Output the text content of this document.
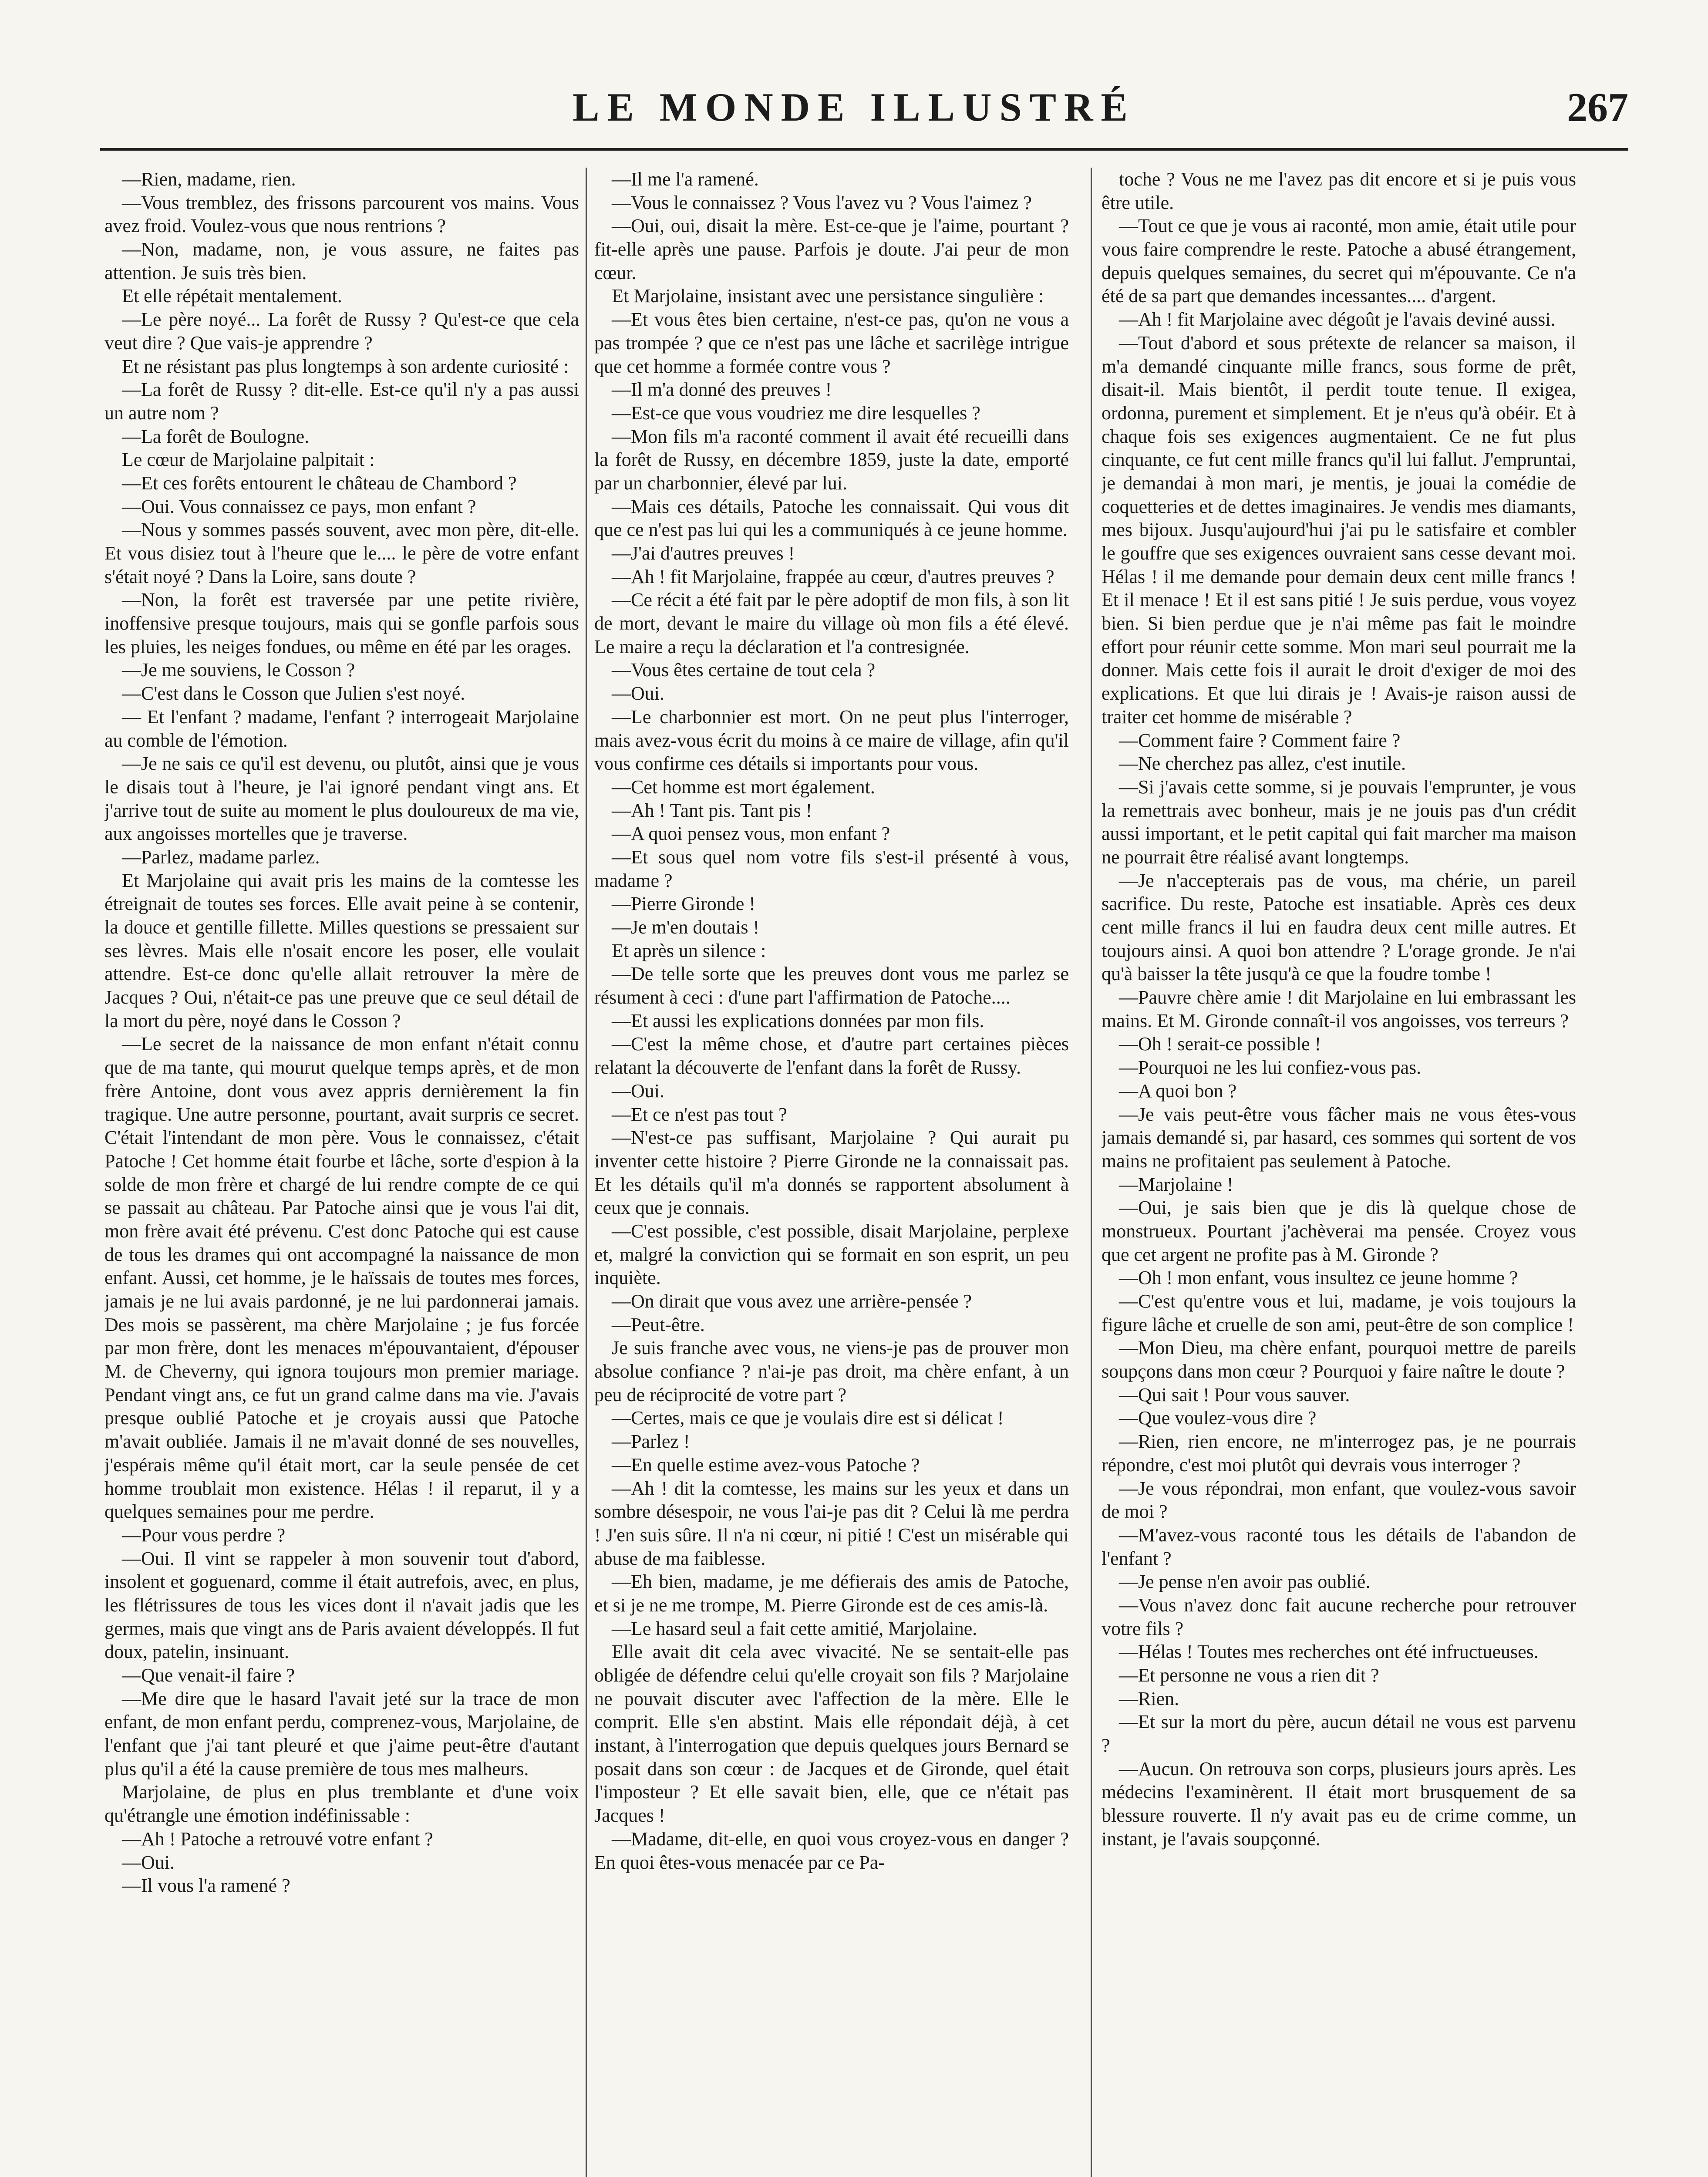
LE MONDE ILLUSTRÉ	267

—Rien, madame, rien.

—Vous tremblez, des frissons parcourent vos mains. Vous avez froid. Voulez-vous que nous rentrions ?

—Non, madame, non, je vous assure, ne faites pas attention. Je suis très bien.

Et elle répétait mentalement.

—Le père noyé... La forêt de Russy ? Qu'est-ce que cela veut dire ? Que vais-je apprendre ?

Et ne résistant pas plus longtemps à son ardente curiosité :

—La forêt de Russy ? dit-elle. Est-ce qu'il n'y a pas aussi un autre nom ?

—La forêt de Boulogne.

Le cœur de Marjolaine palpitait :

—Et ces forêts entourent le château de Chambord ?

—Oui. Vous connaissez ce pays, mon enfant ?

—Nous y sommes passés souvent, avec mon père, dit-elle. Et vous disiez tout à l'heure que le.... le père de votre enfant s'était noyé ? Dans la Loire, sans doute ?

—Non, la forêt est traversée par une petite rivière, inoffensive presque toujours, mais qui se gonfle parfois sous les pluies, les neiges fondues, ou même en été par les orages.

—Je me souviens, le Cosson ?

—C'est dans le Cosson que Julien s'est noyé.

— Et l'enfant ? madame, l'enfant ? interrogeait Marjolaine au comble de l'émotion.

—Je ne sais ce qu'il est devenu, ou plutôt, ainsi que je vous le disais tout à l'heure, je l'ai ignoré pendant vingt ans. Et j'arrive tout de suite au moment le plus douloureux de ma vie, aux angoisses mortelles que je traverse.

—Parlez, madame parlez.

Et Marjolaine qui avait pris les mains de la comtesse les étreignait de toutes ses forces. Elle avait peine à se contenir, la douce et gentille fillette. Milles questions se pressaient sur ses lèvres. Mais elle n'osait encore les poser, elle voulait attendre. Est-ce donc qu'elle allait retrouver la mère de Jacques ? Oui, n'était-ce pas une preuve que ce seul détail de la mort du père, noyé dans le Cosson ?

—Le secret de la naissance de mon enfant n'était connu que de ma tante, qui mourut quelque temps après, et de mon frère Antoine, dont vous avez appris dernièrement la fin tragique. Une autre personne, pourtant, avait surpris ce secret. C'était l'intendant de mon père. Vous le connaissez, c'était Patoche ! Cet homme était fourbe et lâche, sorte d'espion à la solde de mon frère et chargé de lui rendre compte de ce qui se passait au château. Par Patoche ainsi que je vous l'ai dit, mon frère avait été prévenu. C'est donc Patoche qui est cause de tous les drames qui ont accompagné la naissance de mon enfant. Aussi, cet homme, je le haïssais de toutes mes forces, jamais je ne lui avais pardonné, je ne lui pardonnerai jamais. Des mois se passèrent, ma chère Marjolaine ; je fus forcée par mon frère, dont les menaces m'épouvantaient, d'épouser M. de Cheverny, qui ignora toujours mon premier mariage. Pendant vingt ans, ce fut un grand calme dans ma vie. J'avais presque oublié Patoche et je croyais aussi que Patoche m'avait oubliée. Jamais il ne m'avait donné de ses nouvelles, j'espérais même qu'il était mort, car la seule pensée de cet homme troublait mon existence. Hélas ! il reparut, il y a quelques semaines pour me perdre.

—Pour vous perdre ?

—Oui. Il vint se rappeler à mon souvenir tout d'abord, insolent et goguenard, comme il était autrefois, avec, en plus, les flétrissures de tous les vices dont il n'avait jadis que les germes, mais que vingt ans de Paris avaient développés. Il fut doux, patelin, insinuant.

—Que venait-il faire ?

—Me dire que le hasard l'avait jeté sur la trace de mon enfant, de mon enfant perdu, comprenez-vous, Marjolaine, de l'enfant que j'ai tant pleuré et que j'aime peut-être d'autant plus qu'il a été la cause première de tous mes malheurs.

Marjolaine, de plus en plus tremblante et d'une voix qu'étrangle une émotion indéfinissable :

—Ah ! Patoche a retrouvé votre enfant ?

—Oui.

—Il vous l'a ramené ?

—Il me l'a ramené.

—Vous le connaissez ? Vous l'avez vu ? Vous l'aimez ?

—Oui, oui, disait la mère. Est-ce-que je l'aime, pourtant ? fit-elle après une pause. Parfois je doute. J'ai peur de mon cœur.

Et Marjolaine, insistant avec une persistance singulière :

—Et vous êtes bien certaine, n'est-ce pas, qu'on ne vous a pas trompée ? que ce n'est pas une lâche et sacrilège intrigue que cet homme a formée contre vous ?

—Il m'a donné des preuves !

—Est-ce que vous voudriez me dire lesquelles ?

—Mon fils m'a raconté comment il avait été recueilli dans la forêt de Russy, en décembre 1859, juste la date, emporté par un charbonnier, élevé par lui.

—Mais ces détails, Patoche les connaissait. Qui vous dit que ce n'est pas lui qui les a communiqués à ce jeune homme.

—J'ai d'autres preuves !

—Ah ! fit Marjolaine, frappée au cœur, d'autres preuves ?

—Ce récit a été fait par le père adoptif de mon fils, à son lit de mort, devant le maire du village où mon fils a été élevé. Le maire a reçu la déclaration et l'a contresignée.

—Vous êtes certaine de tout cela ?

—Oui.

—Le charbonnier est mort. On ne peut plus l'interroger, mais avez-vous écrit du moins à ce maire de village, afin qu'il vous confirme ces détails si importants pour vous.

—Cet homme est mort également.

—Ah ! Tant pis. Tant pis !

—A quoi pensez vous, mon enfant ?

—Et sous quel nom votre fils s'est-il présenté à vous, madame ?

—Pierre Gironde !

—Je m'en doutais !

Et après un silence :

—De telle sorte que les preuves dont vous me parlez se résument à ceci : d'une part l'affirmation de Patoche....

—Et aussi les explications données par mon fils.

—C'est la même chose, et d'autre part certaines pièces relatant la découverte de l'enfant dans la forêt de Russy.

—Oui.

—Et ce n'est pas tout ?

—N'est-ce pas suffisant, Marjolaine ? Qui aurait pu inventer cette histoire ? Pierre Gironde ne la connaissait pas. Et les détails qu'il m'a donnés se rapportent absolument à ceux que je connais.

—C'est possible, c'est possible, disait Marjolaine, perplexe et, malgré la conviction qui se formait en son esprit, un peu inquiète.

—On dirait que vous avez une arrière-pensée ?

—Peut-être.

Je suis franche avec vous, ne viens-je pas de prouver mon absolue confiance ? n'ai-je pas droit, ma chère enfant, à un peu de réciprocité de votre part ?

—Certes, mais ce que je voulais dire est si délicat !

—Parlez !

—En quelle estime avez-vous Patoche ?

—Ah ! dit la comtesse, les mains sur les yeux et dans un sombre désespoir, ne vous l'ai-je pas dit ? Celui là me perdra ! J'en suis sûre. Il n'a ni cœur, ni pitié ! C'est un misérable qui abuse de ma faiblesse.

—Eh bien, madame, je me défierais des amis de Patoche, et si je ne me trompe, M. Pierre Gironde est de ces amis-là.

—Le hasard seul a fait cette amitié, Marjolaine.

Elle avait dit cela avec vivacité. Ne se sentait-elle pas obligée de défendre celui qu'elle croyait son fils ? Marjolaine ne pouvait discuter avec l'affection de la mère. Elle le comprit. Elle s'en abstint. Mais elle répondait déjà, à cet instant, à l'interrogation que depuis quelques jours Bernard se posait dans son cœur : de Jacques et de Gironde, quel était l'imposteur ? Et elle savait bien, elle, que ce n'était pas Jacques !

—Madame, dit-elle, en quoi vous croyez-vous en danger ? En quoi êtes-vous menacée par ce Pa-

toche ? Vous ne me l'avez pas dit encore et si je puis vous être utile.

—Tout ce que je vous ai raconté, mon amie, était utile pour vous faire comprendre le reste. Patoche a abusé étrangement, depuis quelques semaines, du secret qui m'épouvante. Ce n'a été de sa part que demandes incessantes.... d'argent.

—Ah ! fit Marjolaine avec dégoût je l'avais deviné aussi.

—Tout d'abord et sous prétexte de relancer sa maison, il m'a demandé cinquante mille francs, sous forme de prêt, disait-il. Mais bientôt, il perdit toute tenue. Il exigea, ordonna, purement et simplement. Et je n'eus qu'à obéir. Et à chaque fois ses exigences augmentaient. Ce ne fut plus cinquante, ce fut cent mille francs qu'il lui fallut. J'empruntai, je demandai à mon mari, je mentis, je jouai la comédie de coquetteries et de dettes imaginaires. Je vendis mes diamants, mes bijoux. Jusqu'aujourd'hui j'ai pu le satisfaire et combler le gouffre que ses exigences ouvraient sans cesse devant moi. Hélas ! il me demande pour demain deux cent mille francs ! Et il menace ! Et il est sans pitié ! Je suis perdue, vous voyez bien. Si bien perdue que je n'ai même pas fait le moindre effort pour réunir cette somme. Mon mari seul pourrait me la donner. Mais cette fois il aurait le droit d'exiger de moi des explications. Et que lui dirais je ! Avais-je raison aussi de traiter cet homme de misérable ?

—Comment faire ? Comment faire ?

—Ne cherchez pas allez, c'est inutile.

—Si j'avais cette somme, si je pouvais l'emprunter, je vous la remettrais avec bonheur, mais je ne jouis pas d'un crédit aussi important, et le petit capital qui fait marcher ma maison ne pourrait être réalisé avant longtemps.

—Je n'accepterais pas de vous, ma chérie, un pareil sacrifice. Du reste, Patoche est insatiable. Après ces deux cent mille francs il lui en faudra deux cent mille autres. Et toujours ainsi. A quoi bon attendre ? L'orage gronde. Je n'ai qu'à baisser la tête jusqu'à ce que la foudre tombe !

—Pauvre chère amie ! dit Marjolaine en lui embrassant les mains. Et M. Gironde connaît-il vos angoisses, vos terreurs ?

—Oh ! serait-ce possible !

—Pourquoi ne les lui confiez-vous pas.

—A quoi bon ?

—Je vais peut-être vous fâcher mais ne vous êtes-vous jamais demandé si, par hasard, ces sommes qui sortent de vos mains ne profitaient pas seulement à Patoche.

—Marjolaine !

—Oui, je sais bien que je dis là quelque chose de monstrueux. Pourtant j'achèverai ma pensée. Croyez vous que cet argent ne profite pas à M. Gironde ?

—Oh ! mon enfant, vous insultez ce jeune homme ?

—C'est qu'entre vous et lui, madame, je vois toujours la figure lâche et cruelle de son ami, peut-être de son complice !

—Mon Dieu, ma chère enfant, pourquoi mettre de pareils soupçons dans mon cœur ? Pourquoi y faire naître le doute ?

—Qui sait ! Pour vous sauver.

—Que voulez-vous dire ?

—Rien, rien encore, ne m'interrogez pas, je ne pourrais répondre, c'est moi plutôt qui devrais vous interroger ?

—Je vous répondrai, mon enfant, que voulez-vous savoir de moi ?

—M'avez-vous raconté tous les détails de l'abandon de l'enfant ?

—Je pense n'en avoir pas oublié.

—Vous n'avez donc fait aucune recherche pour retrouver votre fils ?

—Hélas ! Toutes mes recherches ont été infructueuses.

—Et personne ne vous a rien dit ?

—Rien.

—Et sur la mort du père, aucun détail ne vous est parvenu ?

—Aucun. On retrouva son corps, plusieurs jours après. Les médecins l'examinèrent. Il était mort brusquement de sa blessure rouverte. Il n'y avait pas eu de crime comme, un instant, je l'avais soupçonné.
